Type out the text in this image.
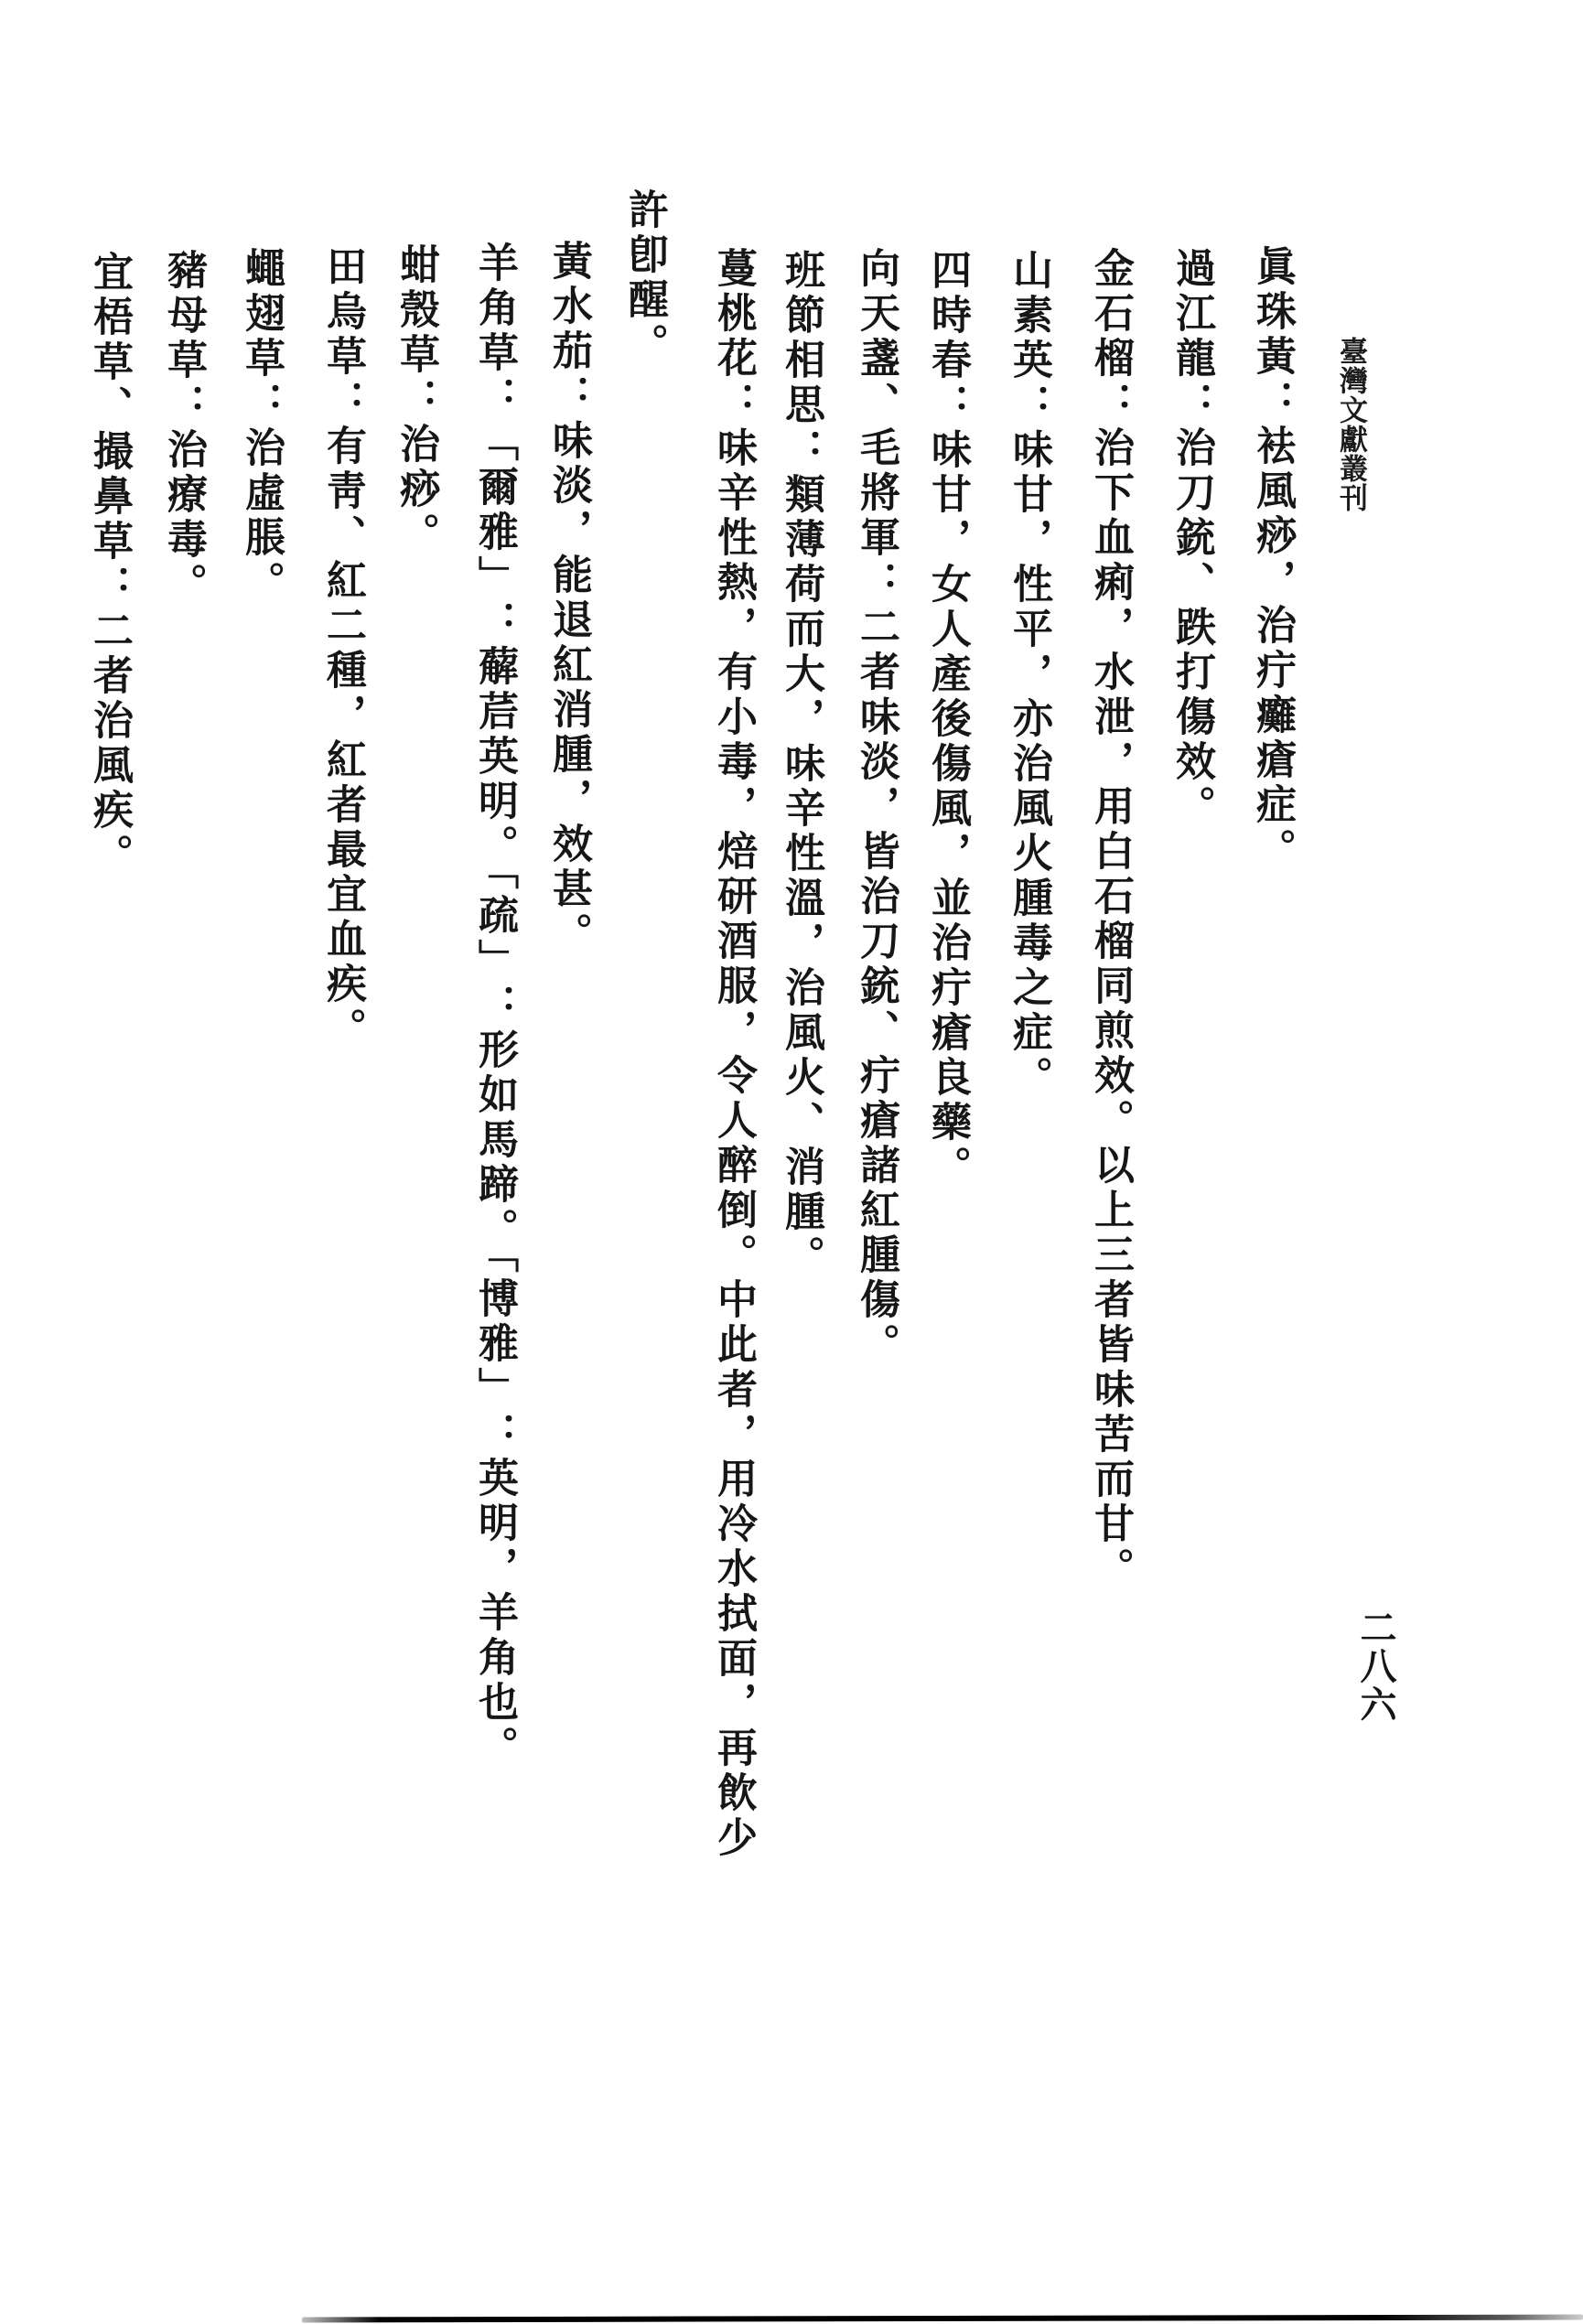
臺灣文獻叢刊
二八六
眞珠黃：袪風痧，治疔癱瘡症。
過江龍：治刀銃、跌打傷效。
金石榴：治下血痢，水泄，用白石榴同煎效。以上三者皆味苦而甘。
山素英：味甘，性平，亦治風火腫毒之症。
四時春：味甘，女人產後傷風，並治疔瘡良藥。
向天盞、毛將軍：二者味淡，皆治刀銃、疔瘡諸紅腫傷。
班節相思：類薄荷而大，味辛性溫，治風火、消腫。
蔓桃花：味辛性熱，有小毒，焙研酒服，令人醉倒。中此者，用冷水拭面，再飲少
許卽醒。
黃水茄：味淡，能退紅消腫，效甚。
羊角草：「爾雅」：薢茩英明。「疏」：形如馬蹄。「博雅」：英明，羊角也。
蚶殼草：治痧。
田烏草：有靑、紅二種，紅者最宜血疾。
蠅翅草：治虛脹。
豬母草：治療毒。
宜梧草、撮鼻草：二者治風疾。
